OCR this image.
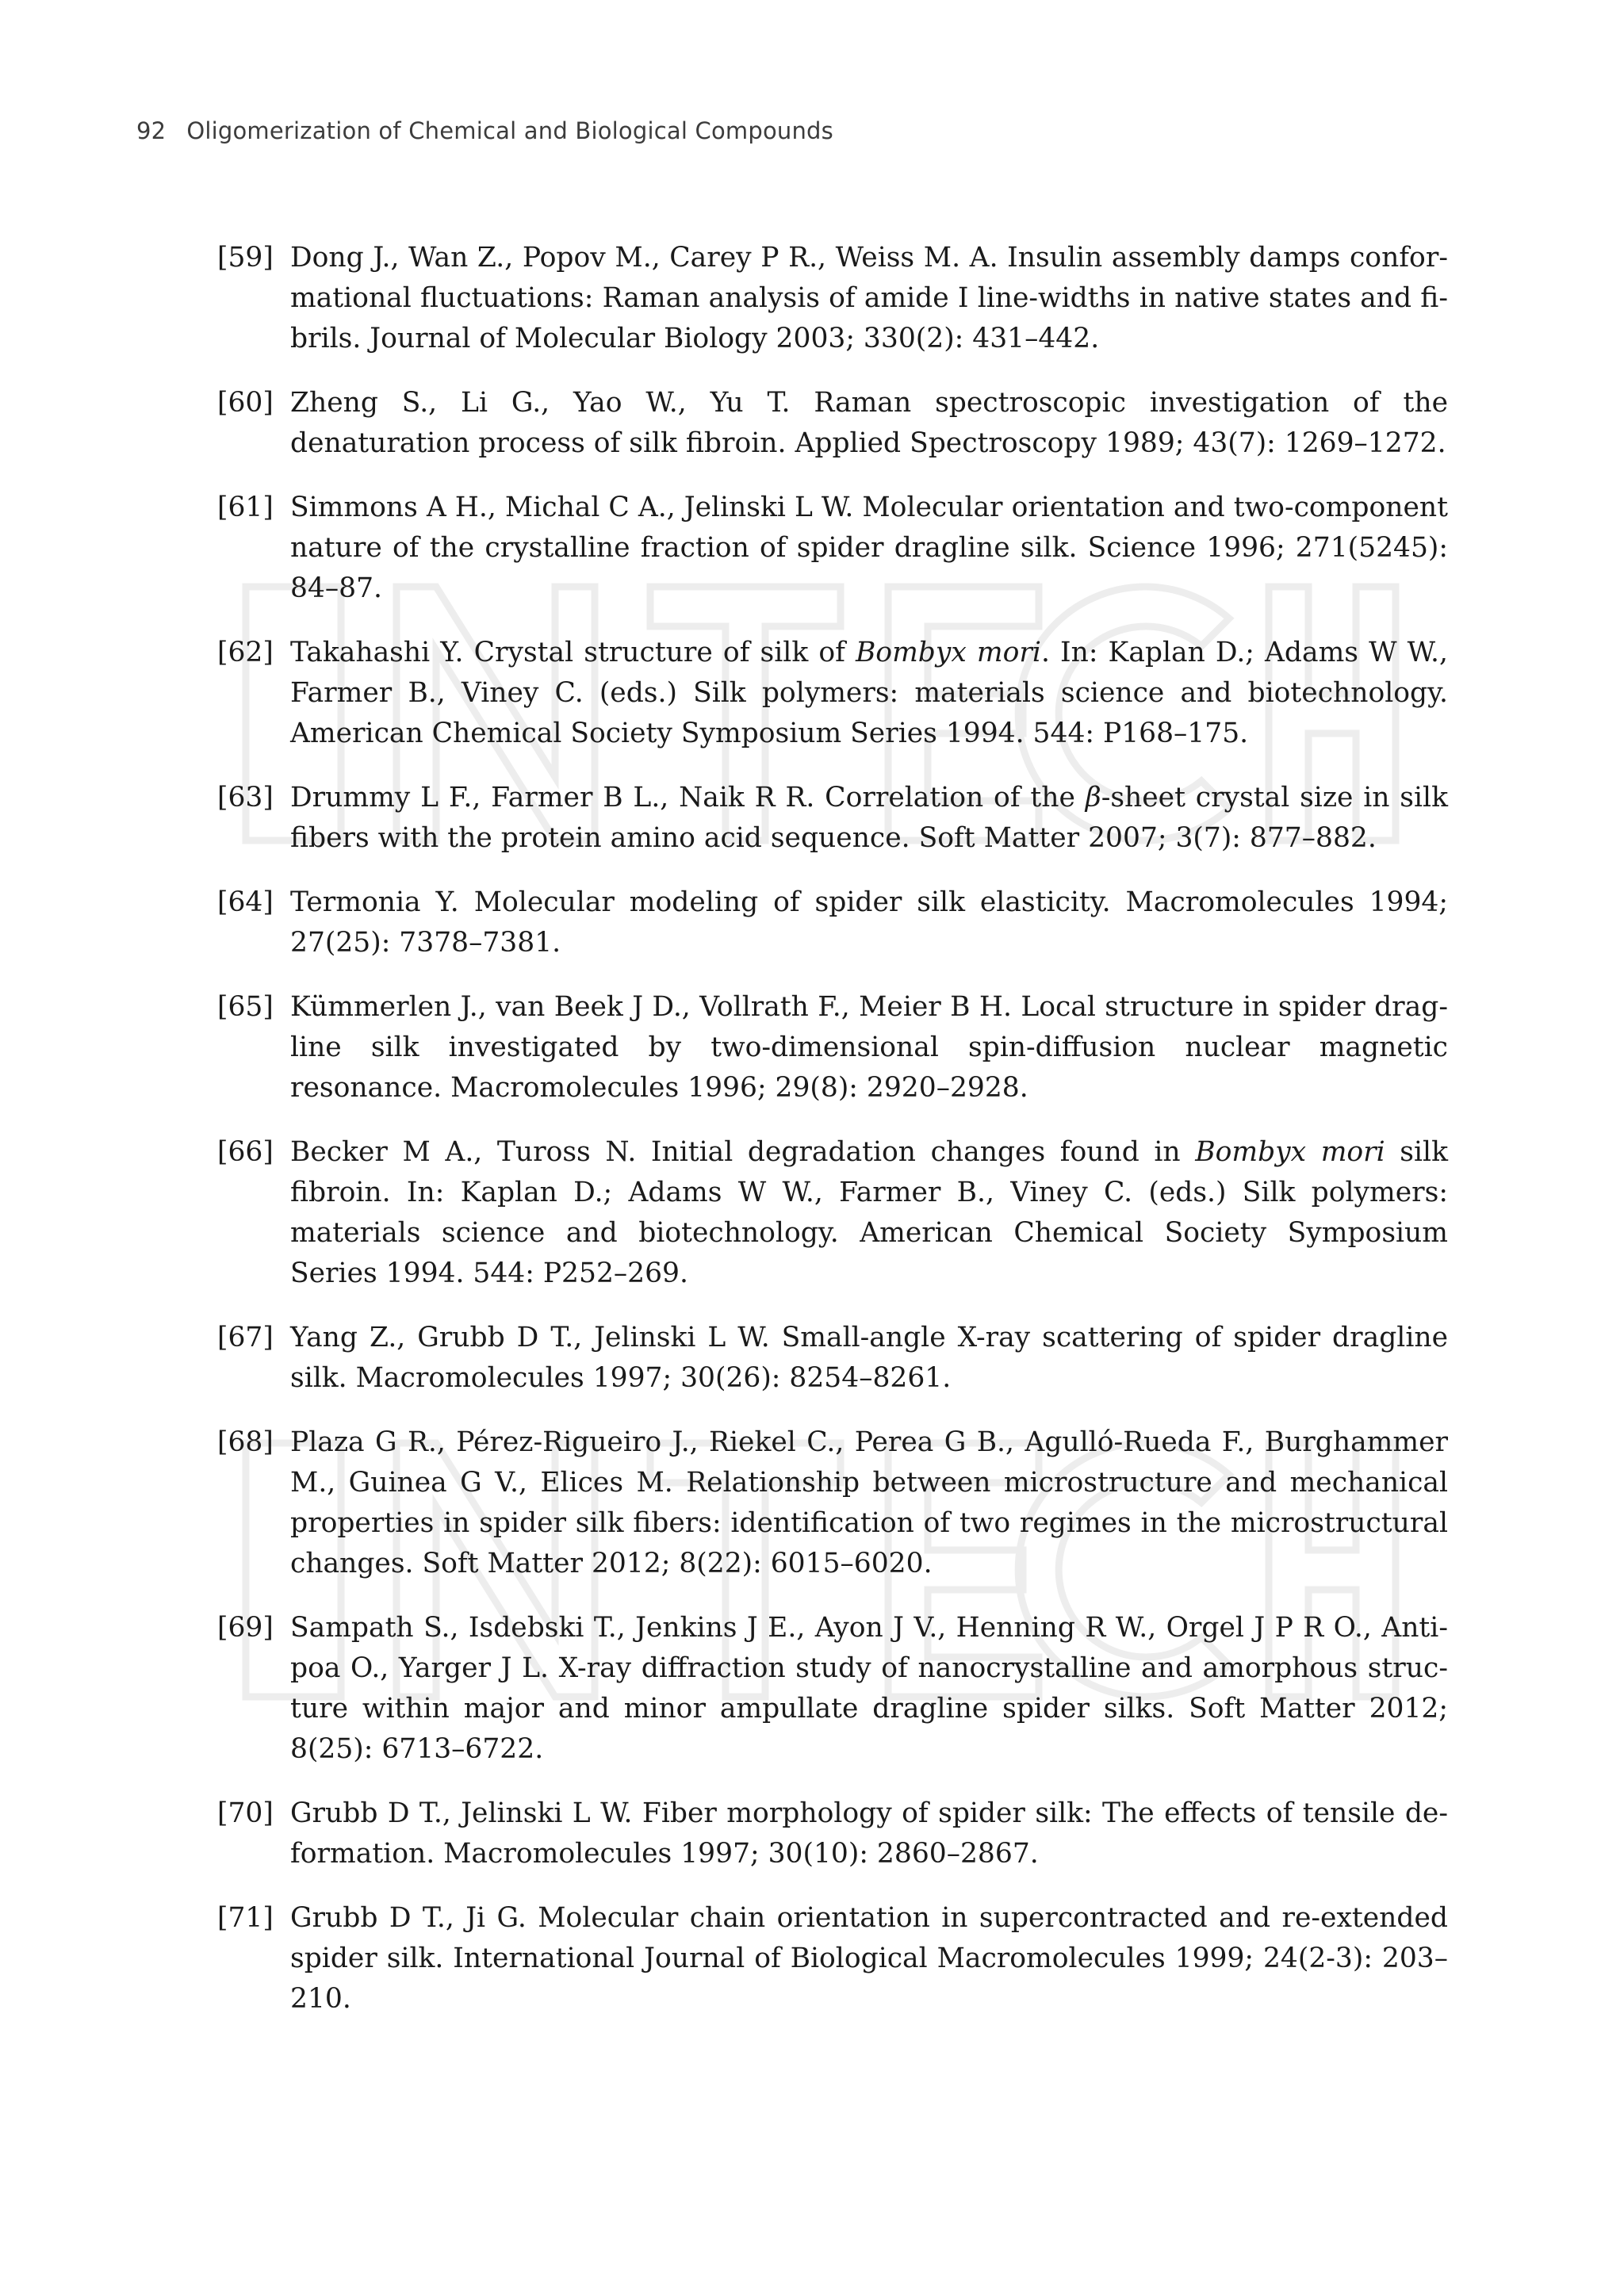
92 Oligomerization of Chemical and Biological Compounds
[59] Dong J., Wan Z., Popov M., Carey P R., Weiss M. A. Insulin assembly damps conformational fluctuations: Raman analysis of amide I line-widths in native states and fibrils. Journal of Molecular Biology 2003; 330(2): 431–442.
[60] Zheng S., Li G., Yao W., Yu T. Raman spectroscopic investigation of the denaturation process of silk fibroin. Applied Spectroscopy 1989; 43(7): 1269–1272.
[61] Simmons A H., Michal C A., Jelinski L W. Molecular orientation and two-component nature of the crystalline fraction of spider dragline silk. Science 1996; 271(5245): 84–87.
[62] Takahashi Y. Crystal structure of silk of Bombyx mori. In: Kaplan D.; Adams W W., Farmer B., Viney C. (eds.) Silk polymers: materials science and biotechnology. American Chemical Society Symposium Series 1994. 544: P168–175.
[63] Drummy L F., Farmer B L., Naik R R. Correlation of the β-sheet crystal size in silk fibers with the protein amino acid sequence. Soft Matter 2007; 3(7): 877–882.
[64] Termonia Y. Molecular modeling of spider silk elasticity. Macromolecules 1994; 27(25): 7378–7381.
[65] Kümmerlen J., van Beek J D., Vollrath F., Meier B H. Local structure in spider dragline silk investigated by two-dimensional spin-diffusion nuclear magnetic resonance. Macromolecules 1996; 29(8): 2920–2928.
[66] Becker M A., Tuross N. Initial degradation changes found in Bombyx mori silk fibroin. In: Kaplan D.; Adams W W., Farmer B., Viney C. (eds.) Silk polymers: materials science and biotechnology. American Chemical Society Symposium Series 1994. 544: P252–269.
[67] Yang Z., Grubb D T., Jelinski L W. Small-angle X-ray scattering of spider dragline silk. Macromolecules 1997; 30(26): 8254–8261.
[68] Plaza G R., Pérez-Rigueiro J., Riekel C., Perea G B., Agulló-Rueda F., Burghammer M., Guinea G V., Elices M. Relationship between microstructure and mechanical properties in spider silk fibers: identification of two regimes in the microstructural changes. Soft Matter 2012; 8(22): 6015–6020.
[69] Sampath S., Isdebski T., Jenkins J E., Ayon J V., Henning R W., Orgel J P R O., Antipoa O., Yarger J L. X-ray diffraction study of nanocrystalline and amorphous structure within major and minor ampullate dragline spider silks. Soft Matter 2012; 8(25): 6713–6722.
[70] Grubb D T., Jelinski L W. Fiber morphology of spider silk: The effects of tensile deformation. Macromolecules 1997; 30(10): 2860–2867.
[71] Grubb D T., Ji G. Molecular chain orientation in supercontracted and re-extended spider silk. International Journal of Biological Macromolecules 1999; 24(2-3): 203–210.
